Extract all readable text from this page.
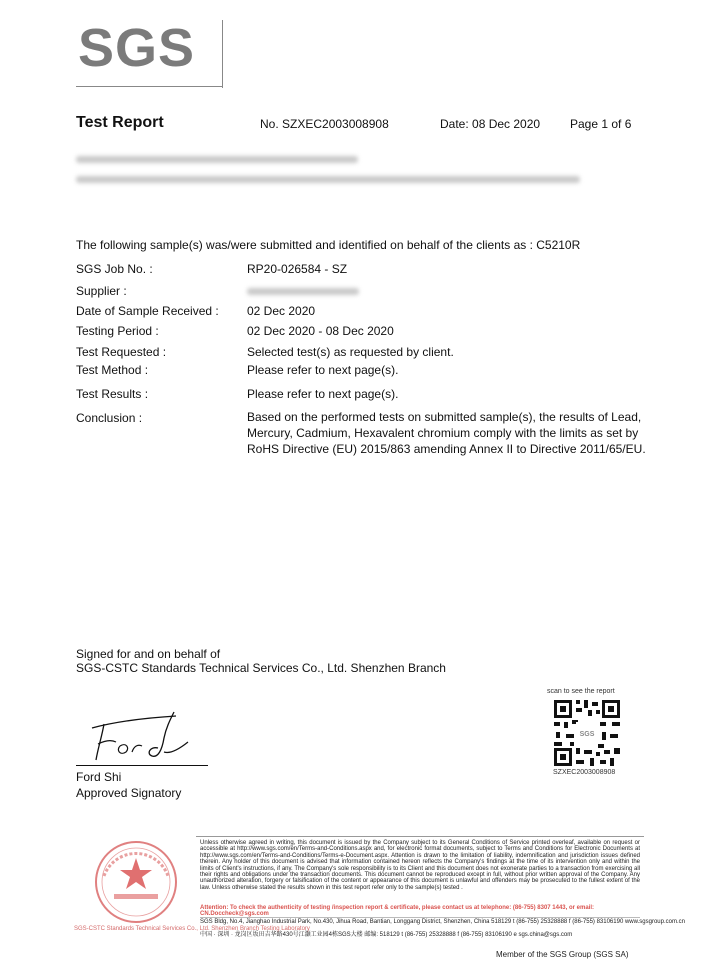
SGS
Test Report	No. SZXEC2003008908	Date: 08 Dec 2020 Page 1 of 6
The following sample(s) was/were submitted and identified on behalf of the clients as : C5210R
SGS Job No. :	RP20-026584 - SZ
Supplier :
Date of Sample Received : 02 Dec 2020
Testing Period :	02 Dec 2020 - 08 Dec 2020
Test Requested :	Selected test(s) as requested by client.
Test Method :	Please refer to next page(s).
Test Results :	Please refer to next page(s).
Conclusion :	Based on the performed tests on submitted sample(s), the results of Lead, Mercury, Cadmium, Hexavalent chromium comply with the limits as set by RoHS Directive (EU) 2015/863 amending Annex II to Directive 2011/65/EU.
Signed for and on behalf of
SGS-CSTC Standards Technical Services Co., Ltd. Shenzhen Branch
Ford Shi
Approved Signatory
scan to see the report
SGS
SZXEC2003008908
SGS-CSTC Standards Technical Services Co., Ltd. Shenzhen Branch Testing Laboratory
Unless otherwise agreed in writing, this document is issued by the Company subject to its General Conditions of Service printed overleaf, available on request or accessible at http://www.sgs.com/en/Terms-and-Conditions.aspx and, for electronic format documents, subject to Terms and Conditions for Electronic Documents at http://www.sgs.com/en/Terms-and-Conditions/Terms-e-Document.aspx. Attention is drawn to the limitation of liability, indemnification and jurisdiction issues defined therein. Any holder of this document is advised that information contained hereon reflects the Company's findings at the time of its intervention only and within the limits of Client's instructions, if any. The Company's sole responsibility is to its Client and this document does not exonerate parties to a transaction from exercising all their rights and obligations under the transaction documents. This document cannot be reproduced except in full, without prior written approval of the Company. Any unauthorized alteration, forgery or falsification of the content or appearance of this document is unlawful and offenders may be prosecuted to the fullest extent of the law. Unless otherwise stated the results shown in this test report refer only to the sample(s) tested .
Attention: To check the authenticity of testing /inspection report & certificate, please contact us at telephone: (86-755) 8307 1443, or email: CN.Doccheck@sgs.com
SGS Bldg, No.4, Jianghao Industrial Park, No.430, Jihua Road, Bantian, Longgang District, Shenzhen, China 518129 t (86-755) 25328888 f (86-755) 83106190 www.sgsgroup.com.cn
中国 · 深圳 · 龙岗区坂田吉华路430号江灏工业园4栋SGS大楼 邮编: 518129 t (86-755) 25328888 f (86-755) 83106190 e sgs.china@sgs.com
Member of the SGS Group (SGS SA)
